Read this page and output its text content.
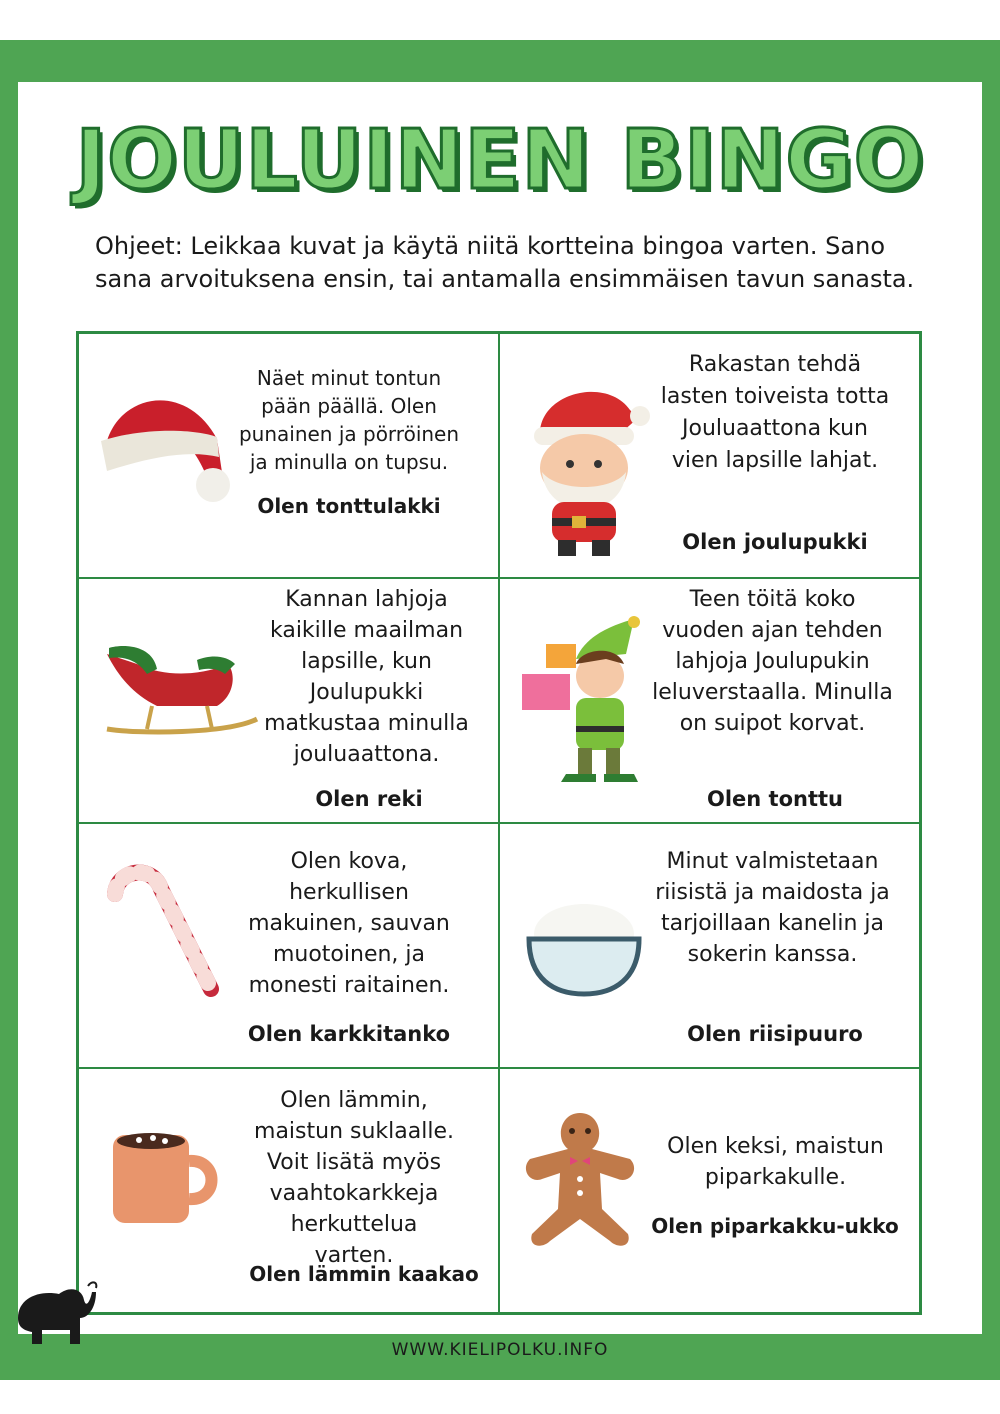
JOULUINEN BINGO
Ohjeet: Leikkaa kuvat ja käytä niitä kortteina bingoa varten. Sano sana arvoituksena ensin, tai antamalla ensimmäisen tavun sanasta.
Näet minut tontun pään päällä. Olen punainen ja pörröinen ja minulla on tupsu.
Olen tonttulakki
Rakastan tehdä lasten toiveista totta Jouluaattona kun vien lapsille lahjat.
Olen joulupukki
Kannan lahjoja kaikille maailman lapsille, kun Joulupukki matkustaa minulla jouluaattona.
Olen reki
Teen töitä koko vuoden ajan tehden lahjoja Joulupukin leluverstaalla. Minulla on suipot korvat.
Olen tonttu
Olen kova, herkullisen makuinen, sauvan muotoinen, ja monesti raitainen.
Olen karkkitanko
Minut valmistetaan riisistä ja maidosta ja tarjoillaan kanelin ja sokerin kanssa.
Olen riisipuuro
Olen lämmin, maistun suklaalle. Voit lisätä myös vaahtokarkkeja herkuttelua varten.
Olen lämmin kaakao
Olen keksi, maistun piparkakulle.
Olen piparkakku-ukko
WWW.KIELIPOLKU.INFO
